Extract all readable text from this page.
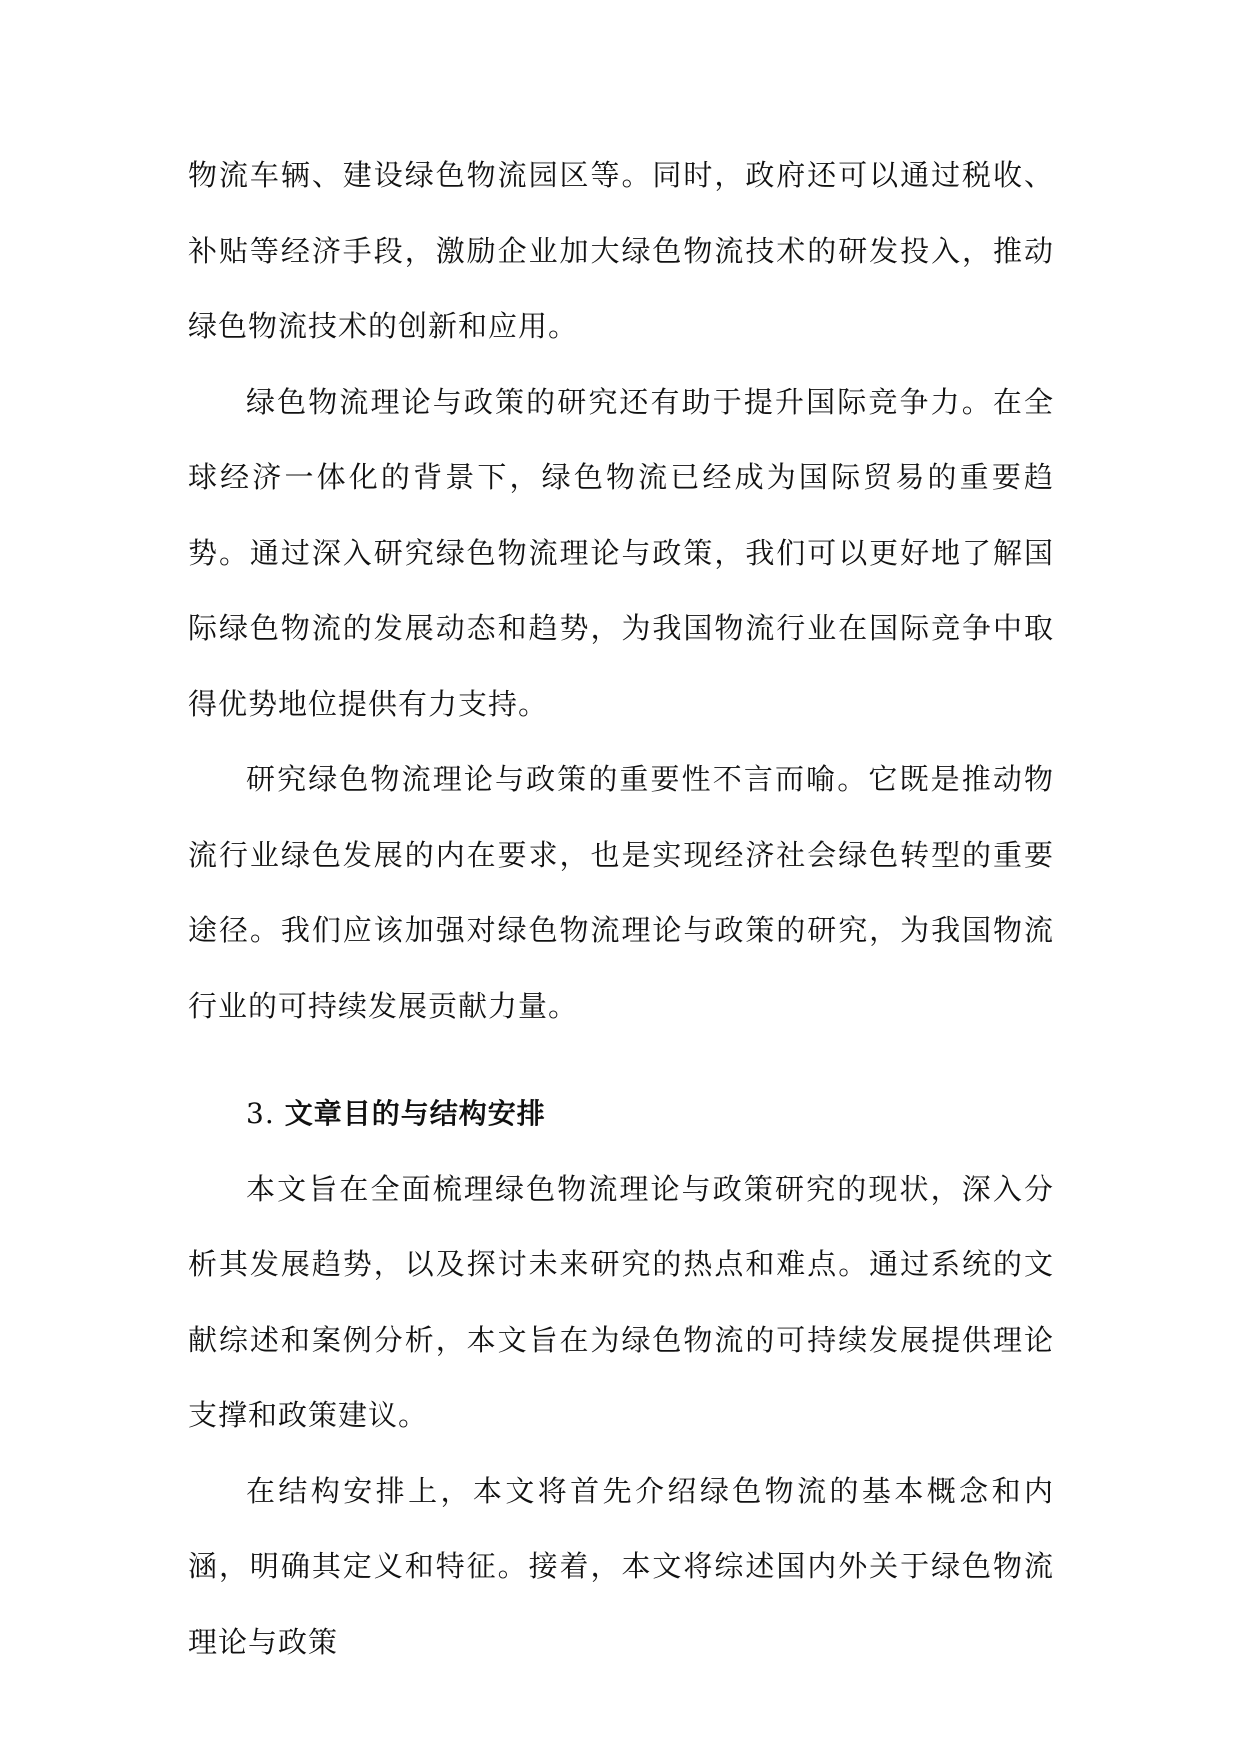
物流车辆、建设绿色物流园区等。同时，政府还可以通过税收、补贴等经济手段，激励企业加大绿色物流技术的研发投入，推动绿色物流技术的创新和应用。

绿色物流理论与政策的研究还有助于提升国际竞争力。在全球经济一体化的背景下，绿色物流已经成为国际贸易的重要趋势。通过深入研究绿色物流理论与政策，我们可以更好地了解国际绿色物流的发展动态和趋势，为我国物流行业在国际竞争中取得优势地位提供有力支持。

研究绿色物流理论与政策的重要性不言而喻。它既是推动物流行业绿色发展的内在要求，也是实现经济社会绿色转型的重要途径。我们应该加强对绿色物流理论与政策的研究，为我国物流行业的可持续发展贡献力量。

3. 文章目的与结构安排

本文旨在全面梳理绿色物流理论与政策研究的现状，深入分析其发展趋势，以及探讨未来研究的热点和难点。通过系统的文献综述和案例分析，本文旨在为绿色物流的可持续发展提供理论支撑和政策建议。

在结构安排上，本文将首先介绍绿色物流的基本概念和内涵，明确其定义和特征。接着，本文将综述国内外关于绿色物流理论与政策
